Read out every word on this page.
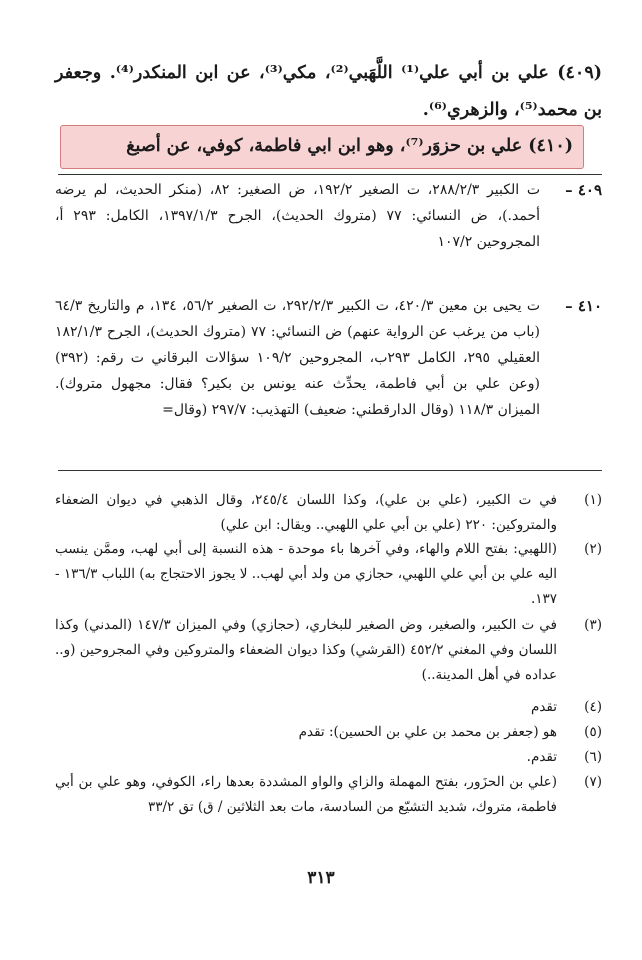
(٤٠٩) علي بن أبي علي⁽¹⁾ اللَّهَبي⁽²⁾، مكي⁽³⁾، عن ابن المنكدر⁽⁴⁾. وجعفر بن محمد⁽⁵⁾، والزهري⁽⁶⁾.
(٤١٠) علي بن حزوَر⁽⁷⁾، وهو ابن ابي فاطمة، كوفي، عن أصبغ
٤٠٩ –
ت الكبير ٢٨٨/٢/٣، ت الصغير ١٩٢/٢، ض الصغير: ٨٢، (منكر الحديث، لم يرضه أحمد.)، ض النسائي: ٧٧ (متروك الحديث)، الجرح ١٣٩٧/١/٣، الكامل: ٢٩٣ أ، المجروحين ١٠٧/٢
٤١٠ –
ت يحيى بن معين ٤٢٠/٣، ت الكبير ٢٩٢/٢/٣، ت الصغير ٥٦/٢، ١٣٤، م والتاريخ ٦٤/٣ (باب من يرغب عن الرواية عنهم) ض النسائي: ٧٧ (متروك الحديث)، الجرح ١٨٢/١/٣ العقيلي ٢٩٥، الكامل ٢٩٣ب، المجروحين ١٠٩/٢ سؤالات البرقاني ت رقم: (٣٩٢) (وعن علي بن أبي فاطمة، يحدِّث عنه يونس بن بكير؟ فقال: مجهول متروك). الميزان ١١٨/٣ (وقال الدارقطني: ضعيف) التهذيب: ٢٩٧/٧ (وقال=
(١)
في ت الكبير، (علي بن علي)، وكذا اللسان ٢٤٥/٤، وقال الذهبي في ديوان الضعفاء والمتروكين: ٢٢٠ (علي بن أبي علي اللهبي.. ويقال: ابن علي)
(٢)
(اللهبي: بفتح اللام والهاء، وفي آخرها باء موحدة - هذه النسبة إلى أبي لهب، وممَّن ينسب اليه علي بن أبي علي اللهبي، حجازي من ولد أبي لهب.. لا يجوز الاحتجاج به) اللباب ١٣٦/٣ - ١٣٧.
(٣)
في ت الكبير، والصغير، وض الصغير للبخاري، (حجازي) وفي الميزان ١٤٧/٣ (المدني) وكذا اللسان وفي المغني ٤٥٢/٢ (القرشي) وكذا ديوان الضعفاء والمتروكين وفي المجروحين (و.. عداده في أهل المدينة..)
(٤)
تقدم
(٥)
هو (جعفر بن محمد بن علي بن الحسين): تقدم
(٦)
تقدم.
(٧)
(علي بن الحزَور، بفتح المهملة والزاي والواو المشددة بعدها راء، الكوفي، وهو علي بن أبي فاطمة، متروك، شديد التشيّع من السادسة، مات بعد الثلاثين / ق) تق ٣٣/٢
٣١٣
